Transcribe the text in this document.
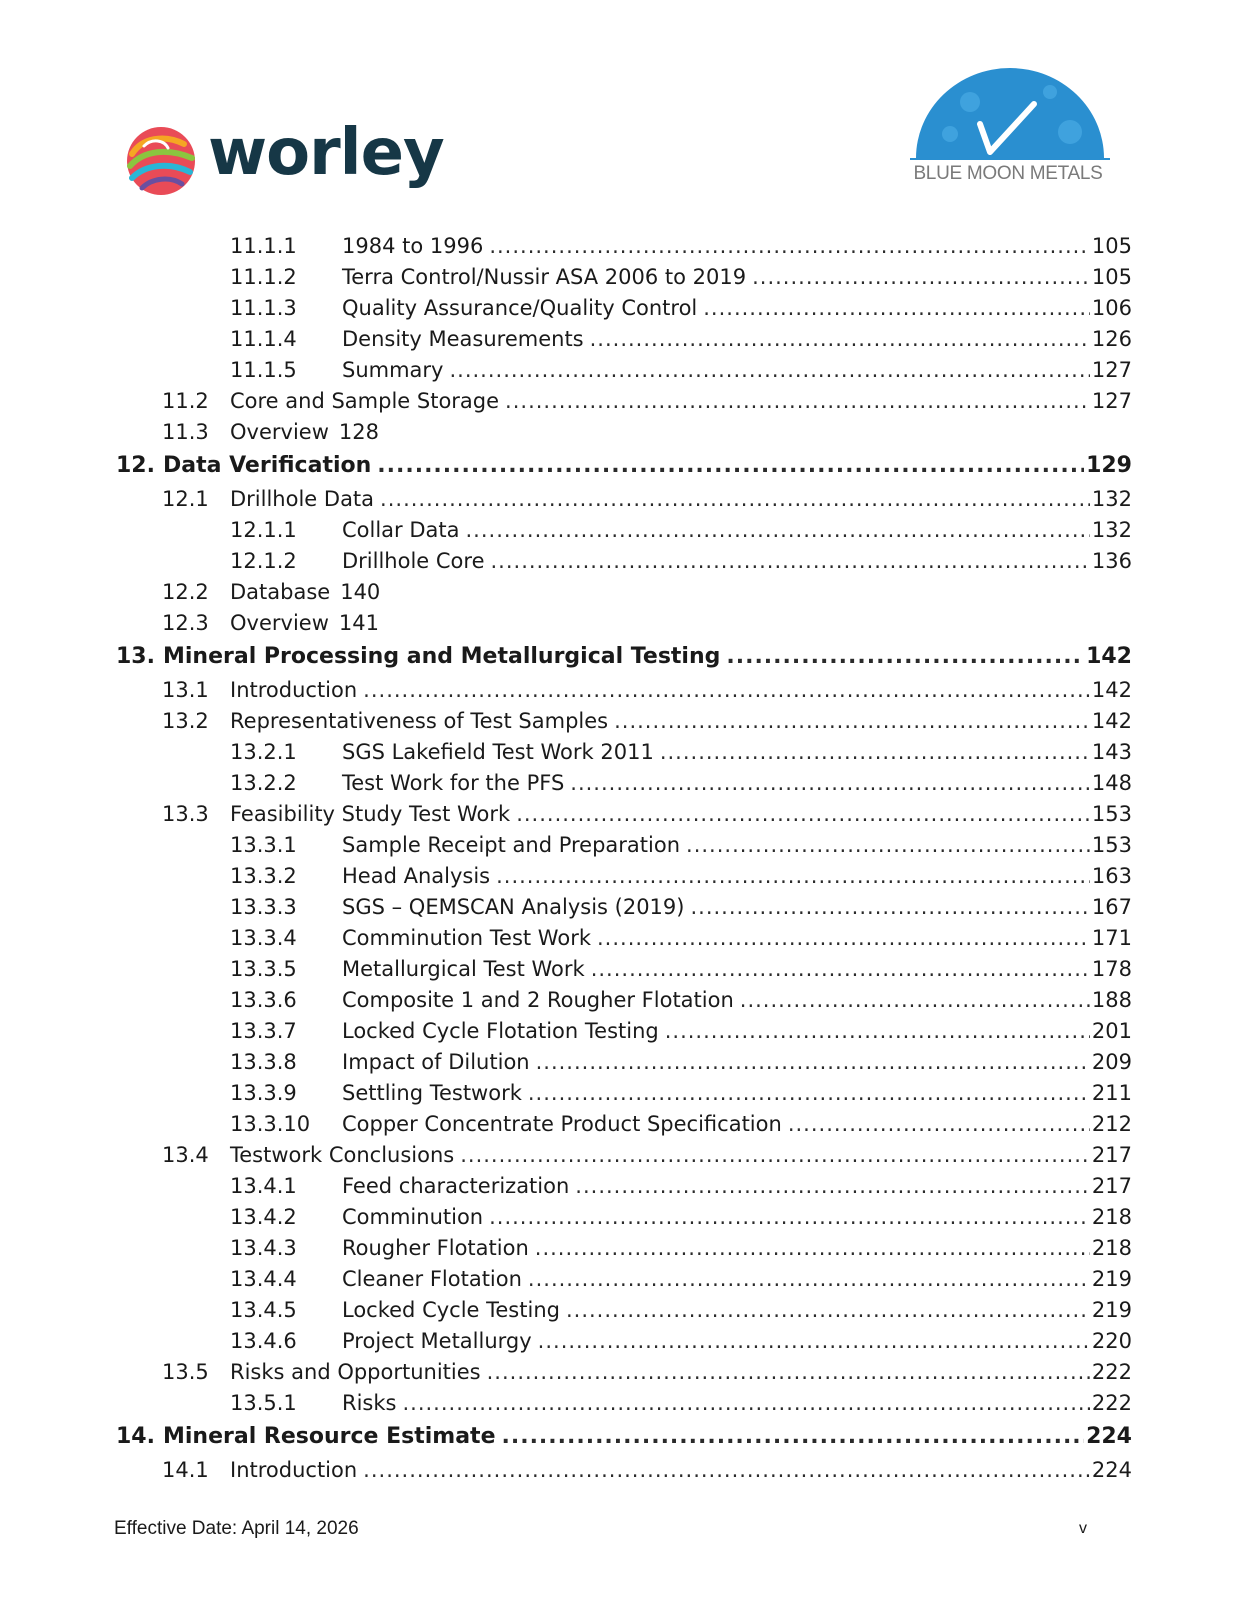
worley	BLUE MOON METALS
11.1.1	1984 to 1996 .....	105
11.1.2	Terra Control/Nussir ASA 2006 to 2019 .....	105
11.1.3	Quality Assurance/Quality Control .....	106
11.1.4	Density Measurements .....	126
11.1.5	Summary .....	127
11.2	Core and Sample Storage .....	127
11.3	Overview 128
12. Data Verification .....	129
12.1	Drillhole Data .....	132
12.1.1	Collar Data .....	132
12.1.2	Drillhole Core .....	136
12.2	Database 140
12.3	Overview 141
13. Mineral Processing and Metallurgical Testing .....	142
13.1	Introduction .....	142
13.2	Representativeness of Test Samples .....	142
13.2.1	SGS Lakefield Test Work 2011 .....	143
13.2.2	Test Work for the PFS .....	148
13.3	Feasibility Study Test Work .....	153
13.3.1	Sample Receipt and Preparation .....	153
13.3.2	Head Analysis .....	163
13.3.3	SGS – QEMSCAN Analysis (2019) .....	167
13.3.4	Comminution Test Work .....	171
13.3.5	Metallurgical Test Work .....	178
13.3.6	Composite 1 and 2 Rougher Flotation .....	188
13.3.7	Locked Cycle Flotation Testing .....	201
13.3.8	Impact of Dilution .....	209
13.3.9	Settling Testwork .....	211
13.3.10	Copper Concentrate Product Specification .....	212
13.4	Testwork Conclusions .....	217
13.4.1	Feed characterization .....	217
13.4.2	Comminution .....	218
13.4.3	Rougher Flotation .....	218
13.4.4	Cleaner Flotation .....	219
13.4.5	Locked Cycle Testing .....	219
13.4.6	Project Metallurgy .....	220
13.5	Risks and Opportunities .....	222
13.5.1	Risks .....	222
14. Mineral Resource Estimate .....	224
14.1	Introduction .....	224
Effective Date: April 14, 2026	v
